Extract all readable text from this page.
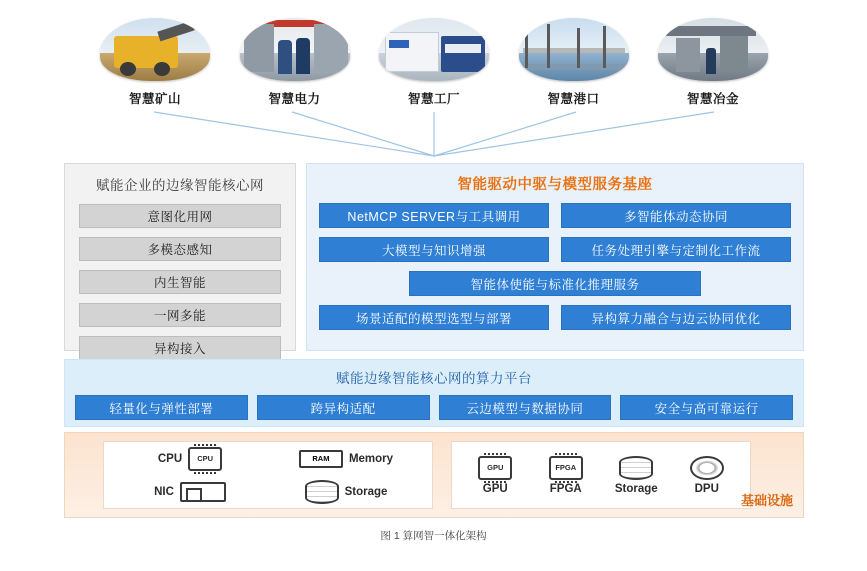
智慧矿山	智慧电力	智慧工厂	智慧港口	智慧冶金
赋能企业的边缘智能核心网
意图化用网
多模态感知
内生智能
一网多能
异构接入
智能驱动中驱与模型服务基座
NetMCP SERVER与工具调用	多智能体动态协同
大模型与知识增强	任务处理引擎与定制化工作流
智能体使能与标准化推理服务
场景适配的模型选型与部署	异构算力融合与边云协同优化
赋能边缘智能核心网的算力平台
轻量化与弹性部署	跨异构适配	云边模型与数据协同	安全与高可靠运行
CPU	CPU	RAM	Memory
NIC	Storage
GPU
GPU
FPGA
FPGA	Storage	DPU
基础设施
图 1 算网智一体化架构
